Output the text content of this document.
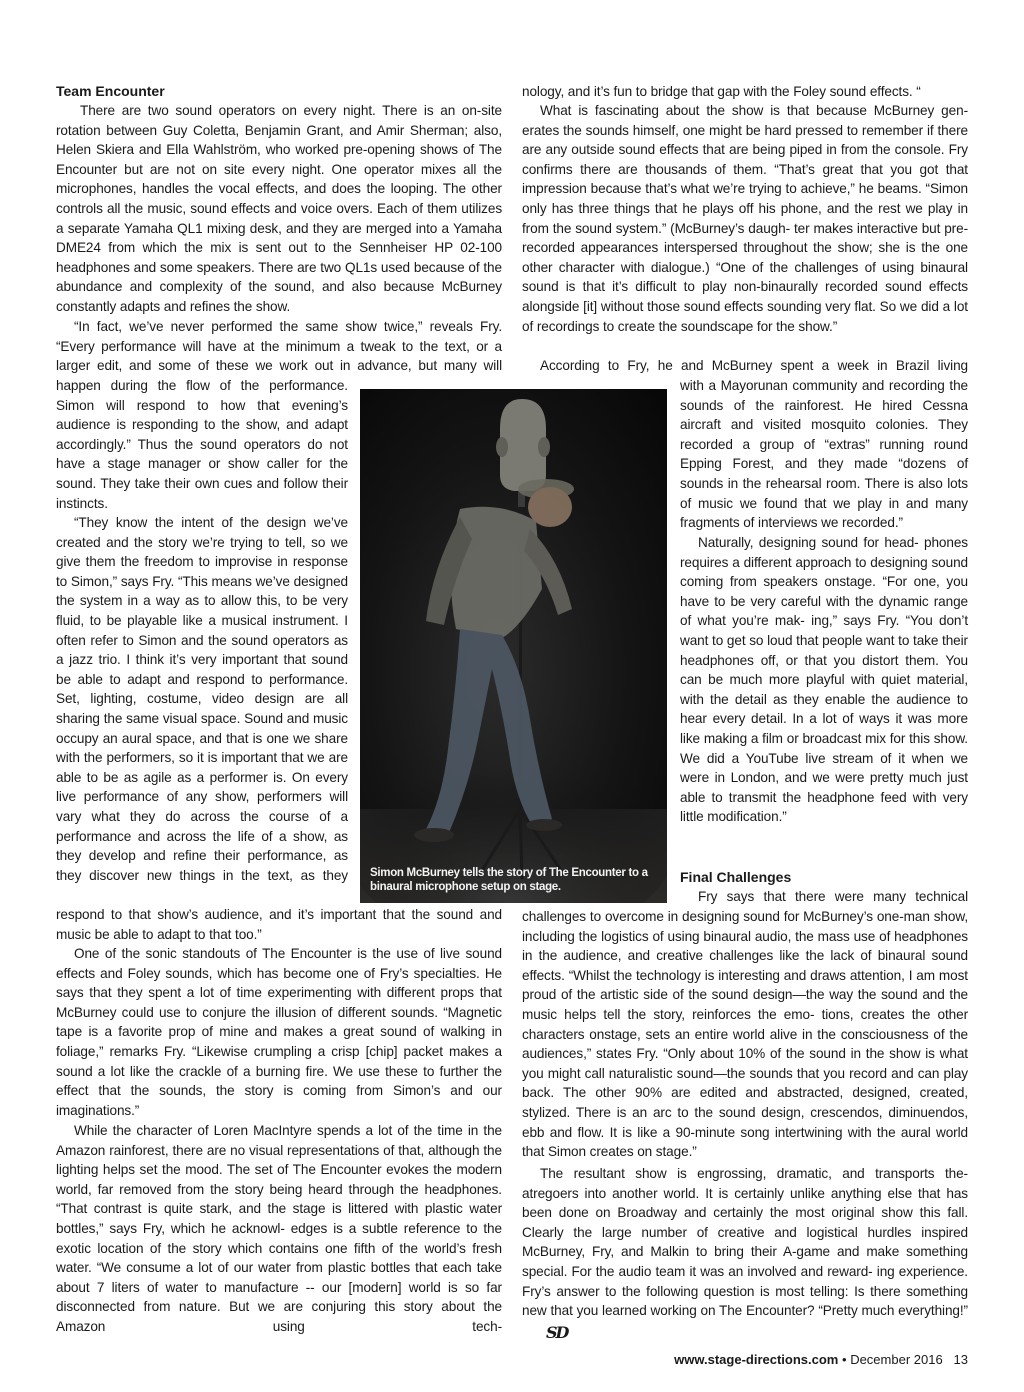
Team Encounter

There are two sound operators on every night. There is an on-site rotation between Guy Coletta, Benjamin Grant, and Amir Sherman; also, Helen Skiera and Ella Wahlström, who worked pre-opening shows of The Encounter but are not on site every night. One operator mixes all the microphones, handles the vocal effects, and does the looping. The other controls all the music, sound effects and voice overs. Each of them utilizes a separate Yamaha QL1 mixing desk, and they are merged into a Yamaha DME24 from which the mix is sent out to the Sennheiser HP 02-100 headphones and some speakers. There are two QL1s used because of the abundance and complexity of the sound, and also because McBurney constantly adapts and refines the show.

“In fact, we’ve never performed the same show twice,” reveals Fry. “Every performance will have at the minimum a tweak to the text, or a larger edit, and some of these we work out in advance, but many will

happen during the flow of the performance. Simon will respond to how that evening’s audience is responding to the show, and adapt accordingly.” Thus the sound operators do not have a stage manager or show caller for the sound. They take their own cues and follow their instincts.

“They know the intent of the design we’ve created and the story we’re trying to tell, so we give them the freedom to improvise in response to Simon,” says Fry. “This means we’ve designed the system in a way as to allow this, to be very fluid, to be playable like a musical instrument. I often refer to Simon and the sound operators as a jazz trio. I think it’s very important that sound be able to adapt and respond to performance. Set, lighting, costume, video design are all sharing the same visual space. Sound and music occupy an aural space, and that is one we share with the performers, so it is important that we are able to be as agile as a performer is. On every live performance of any show, performers will vary what they do across the course of a performance and across the life of a show, as they develop and refine their performance, as they discover new things in the text, as they

respond to that show’s audience, and it’s important that the sound and music be able to adapt to that too.”

One of the sonic standouts of The Encounter is the use of live sound effects and Foley sounds, which has become one of Fry’s specialties. He says that they spent a lot of time experimenting with different props that McBurney could use to conjure the illusion of different sounds. “Magnetic tape is a favorite prop of mine and makes a great sound of walking in foliage,” remarks Fry. “Likewise crumpling a crisp [chip] packet makes a sound a lot like the crackle of a burning fire. We use these to further the effect that the sounds, the story is coming from Simon’s and our imaginations.”

While the character of Loren MacIntyre spends a lot of the time in the Amazon rainforest, there are no visual representations of that, although the lighting helps set the mood. The set of The Encounter evokes the modern world, far removed from the story being heard through the headphones. “That contrast is quite stark, and the stage is littered with plastic water bottles,” says Fry, which he acknowl- edges is a subtle reference to the exotic location of the story which contains one fifth of the world’s fresh water. “We consume a lot of our water from plastic bottles that each take about 7 liters of water to manufacture -- our [modern] world is so far disconnected from nature. But we are conjuring this story about the Amazon using tech-

nology, and it’s fun to bridge that gap with the Foley sound effects. “

What is fascinating about the show is that because McBurney gen- erates the sounds himself, one might be hard pressed to remember if there are any outside sound effects that are being piped in from the console. Fry confirms there are thousands of them. “That’s great that you got that impression because that’s what we’re trying to achieve,” he beams. “Simon only has three things that he plays off his phone, and the rest we play in from the sound system.” (McBurney’s daugh- ter makes interactive but pre-recorded appearances interspersed throughout the show; she is the one other character with dialogue.) “One of the challenges of using binaural sound is that it’s difficult to play non-binaurally recorded sound effects alongside [it] without those sound effects sounding very flat. So we did a lot of recordings to create the soundscape for the show.”

According to Fry, he and McBurney spent a week in Brazil living

with a Mayorunan community and recording the sounds of the rainforest. He hired Cessna aircraft and visited mosquito colonies. They recorded a group of “extras” running round Epping Forest, and they made “dozens of sounds in the rehearsal room. There is also lots of music we found that we play in and many fragments of interviews we recorded.”

Naturally, designing sound for head- phones requires a different approach to designing sound coming from speakers onstage. “For one, you have to be very careful with the dynamic range of what you’re mak- ing,” says Fry. “You don’t want to get so loud that people want to take their headphones off, or that you distort them. You can be much more playful with quiet material, with the detail as they enable the audience to hear every detail. In a lot of ways it was more like making a film or broadcast mix for this show. We did a YouTube live stream of it when we were in London, and we were pretty much just able to transmit the headphone feed with very little modification.”

Final Challenges

Fry says that there were many technical

challenges to overcome in designing sound for McBurney’s one-man show, including the logistics of using binaural audio, the mass use of headphones in the audience, and creative challenges like the lack of binaural sound effects. “Whilst the technology is interesting and draws attention, I am most proud of the artistic side of the sound design—the way the sound and the music helps tell the story, reinforces the emo- tions, creates the other characters onstage, sets an entire world alive in the consciousness of the audiences,” states Fry. “Only about 10% of the sound in the show is what you might call naturalistic sound—the sounds that you record and can play back. The other 90% are edited and abstracted, designed, created, stylized. There is an arc to the sound design, crescendos, diminuendos, ebb and flow. It is like a 90-minute song intertwining with the aural world that Simon creates on stage.”

The resultant show is engrossing, dramatic, and transports the- atregoers into another world. It is certainly unlike anything else that has been done on Broadway and certainly the most original show this fall. Clearly the large number of creative and logistical hurdles inspired McBurney, Fry, and Malkin to bring their A-game and make something special. For the audio team it was an involved and reward- ing experience. Fry’s answer to the following question is most telling: Is there something new that you learned working on The Encounter? “Pretty much everything!”SD

Simon McBurney tells the story of The Encounter to a binaural microphone setup on stage.
www.stage-directions.com • December 2016 13
